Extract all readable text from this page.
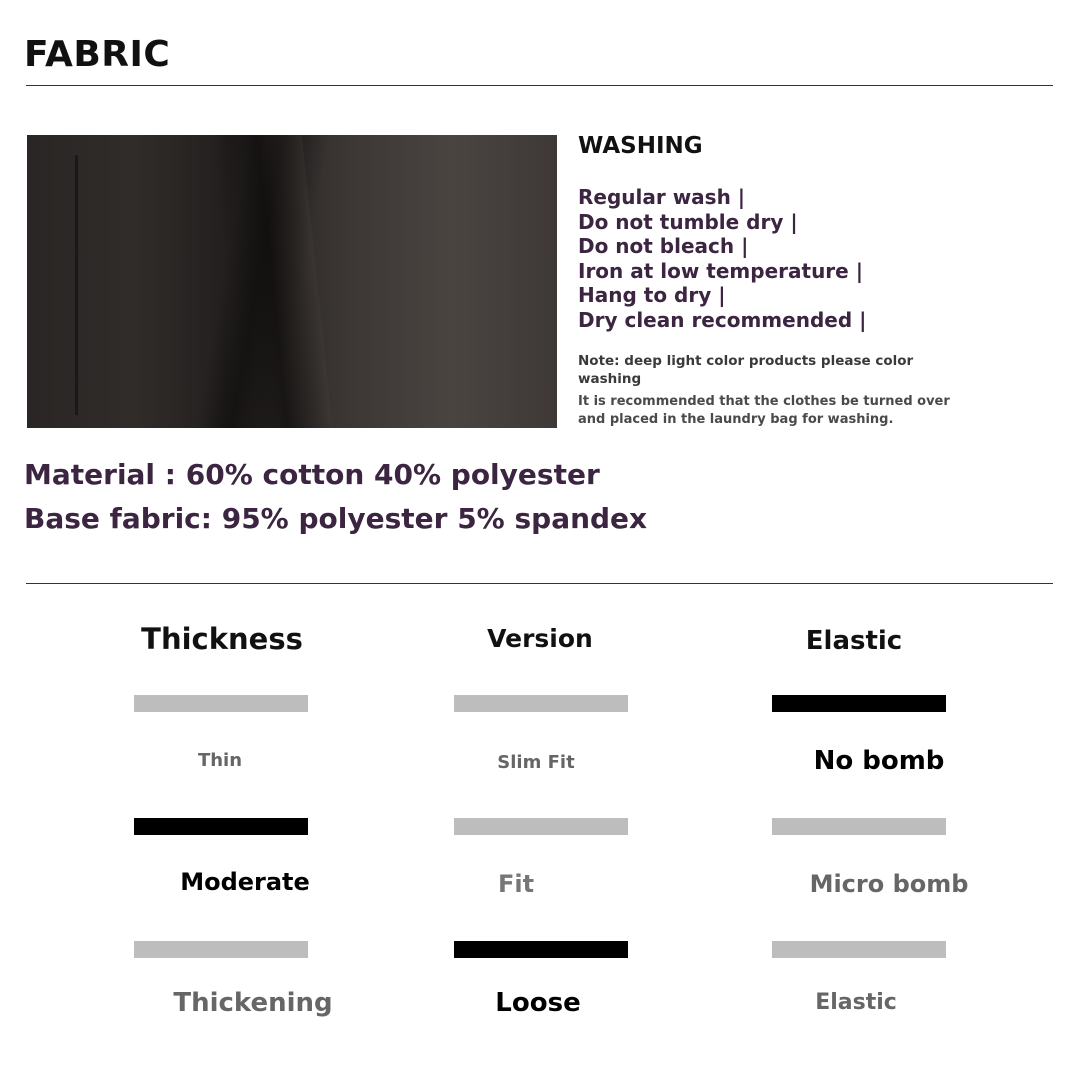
FABRIC
WASHING
Regular wash |
Do not tumble dry |
Do not bleach |
Iron at low temperature |
Hang to dry |
Dry clean recommended |
Note: deep light color products please color washing
It is recommended that the clothes be turned over and placed in the laundry bag for washing.
Material : 60% cotton 40% polyester
Base fabric: 95% polyester 5% spandex
Thickness
Thin
Moderate
Thickening
Version
Slim Fit
Fit
Loose
Elastic
No bomb
Micro bomb
Elastic
